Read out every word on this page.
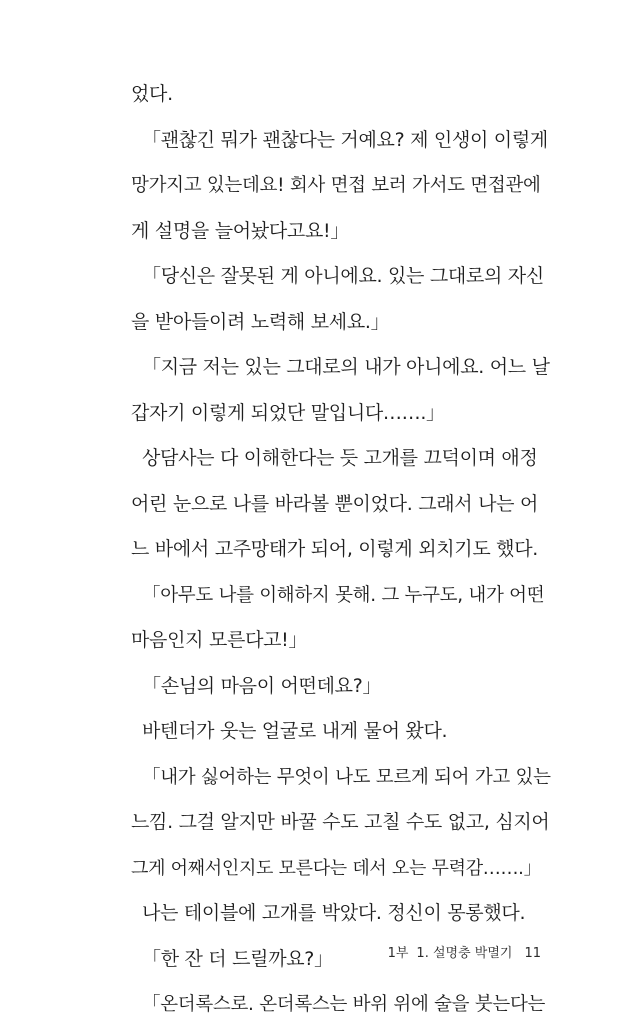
었다.
「괜찮긴 뭐가 괜찮다는 거예요? 제 인생이 이렇게
망가지고 있는데요! 회사 면접 보러 가서도 면접관에
게 설명을 늘어놨다고요!」
「당신은 잘못된 게 아니에요. 있는 그대로의 자신
을 받아들이려 노력해 보세요.」
「지금 저는 있는 그대로의 내가 아니에요. 어느 날
갑자기 이렇게 되었단 말입니다…….」
상담사는 다 이해한다는 듯 고개를 끄덕이며 애정
어린 눈으로 나를 바라볼 뿐이었다. 그래서 나는 어
느 바에서 고주망태가 되어, 이렇게 외치기도 했다.
「아무도 나를 이해하지 못해. 그 누구도, 내가 어떤
마음인지 모른다고!」
「손님의 마음이 어떤데요?」
바텐더가 웃는 얼굴로 내게 물어 왔다.
「내가 싫어하는 무엇이 나도 모르게 되어 가고 있는
느낌. 그걸 알지만 바꿀 수도 고칠 수도 없고, 심지어
그게 어째서인지도 모른다는 데서 오는 무력감…….」
나는 테이블에 고개를 박았다. 정신이 몽롱했다.
「한 잔 더 드릴까요?」
「온더록스로. 온더록스는 바위 위에 술을 붓는다는
1부 1. 설명충 박멸기 11
